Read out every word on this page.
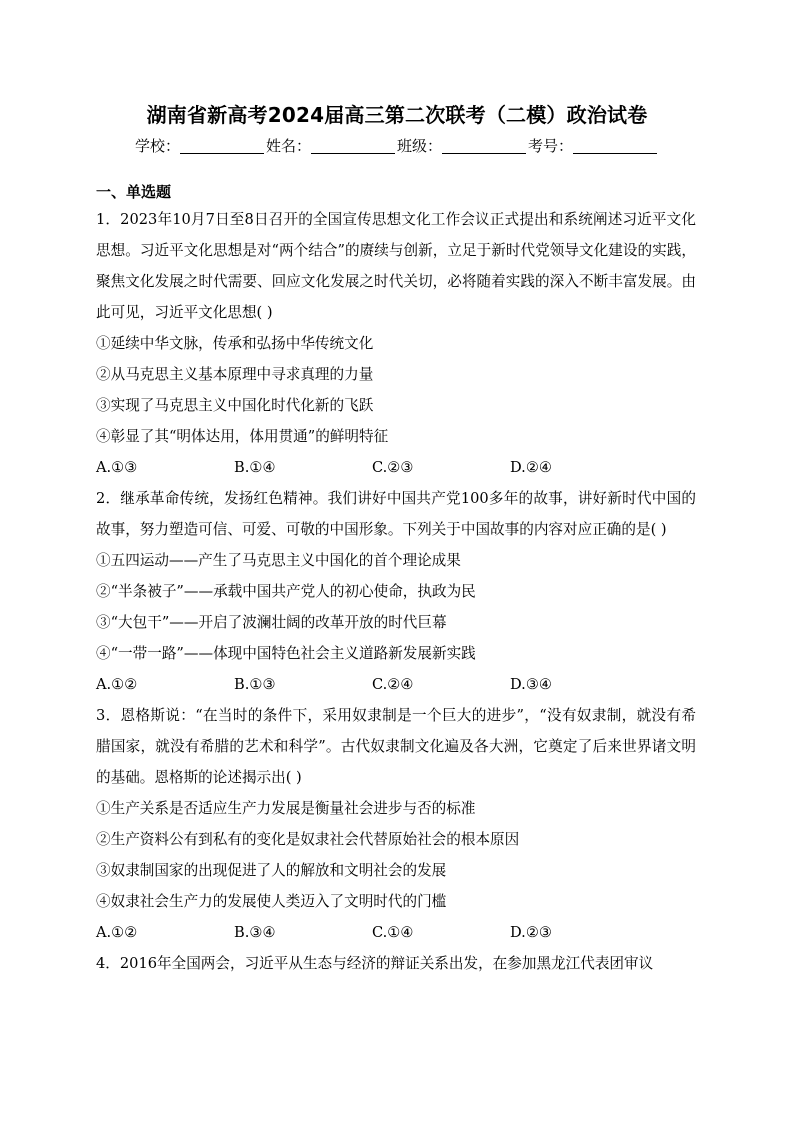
湖南省新高考2024届高三第二次联考（二模）政治试卷
学校：	姓名：	班级：	考号：
一、单选题
1．2023年10月7日至8日召开的全国宣传思想文化工作会议正式提出和系统阐述习近平文化思想。习近平文化思想是对“两个结合”的赓续与创新，立足于新时代党领导文化建设的实践，聚焦文化发展之时代需要、回应文化发展之时代关切，必将随着实践的深入不断丰富发展。由此可见，习近平文化思想( )
①延续中华文脉，传承和弘扬中华传统文化
②从马克思主义基本原理中寻求真理的力量
③实现了马克思主义中国化时代化新的飞跃
④彰显了其“明体达用，体用贯通”的鲜明特征
A.①③	B.①④	C.②③	D.②④
2．继承革命传统，发扬红色精神。我们讲好中国共产党100多年的故事，讲好新时代中国的故事，努力塑造可信、可爱、可敬的中国形象。下列关于中国故事的内容对应正确的是( )
①五四运动——产生了马克思主义中国化的首个理论成果
②“半条被子”——承载中国共产党人的初心使命，执政为民
③“大包干”——开启了波澜壮阔的改革开放的时代巨幕
④“一带一路”——体现中国特色社会主义道路新发展新实践
A.①②	B.①③	C.②④	D.③④
3．恩格斯说：“在当时的条件下，采用奴隶制是一个巨大的进步”，“没有奴隶制，就没有希腊国家，就没有希腊的艺术和科学”。古代奴隶制文化遍及各大洲，它奠定了后来世界诸文明的基础。恩格斯的论述揭示出( )
①生产关系是否适应生产力发展是衡量社会进步与否的标准
②生产资料公有到私有的变化是奴隶社会代替原始社会的根本原因
③奴隶制国家的出现促进了人的解放和文明社会的发展
④奴隶社会生产力的发展使人类迈入了文明时代的门槛
A.①②	B.③④	C.①④	D.②③
4．2016年全国两会，习近平从生态与经济的辩证关系出发，在参加黑龙江代表团审议
